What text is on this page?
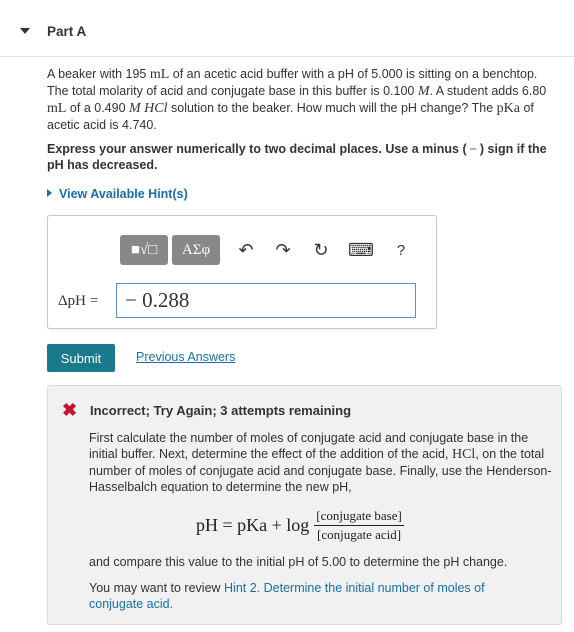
Part A
A beaker with 195 mL of an acetic acid buffer with a pH of 5.000 is sitting on a benchtop. The total molarity of acid and conjugate base in this buffer is 0.100 M. A student adds 6.80 mL of a 0.490 M HCl solution to the beaker. How much will the pH change? The pKa of acetic acid is 4.740.
Express your answer numerically to two decimal places. Use a minus ( − ) sign if the pH has decreased.
View Available Hint(s)
■√□ ΑΣφ ↶ ↷ ↻ ⌨	?
ΔpH =	− 0.288
Submit	Previous Answers
✖ Incorrect; Try Again; 3 attempts remaining
First calculate the number of moles of conjugate acid and conjugate base in the initial buffer. Next, determine the effect of the addition of the acid, HCl, on the total number of moles of conjugate acid and conjugate base. Finally, use the Henderson-Hasselbalch equation to determine the new pH,
pH = pKa + $\log \frac{\text{[conjugate base]}}{\text{[conjugate acid]}}$
and compare this value to the initial pH of 5.00 to determine the pH change.
You may want to review Hint 2. Determine the initial number of moles of conjugate acid.
